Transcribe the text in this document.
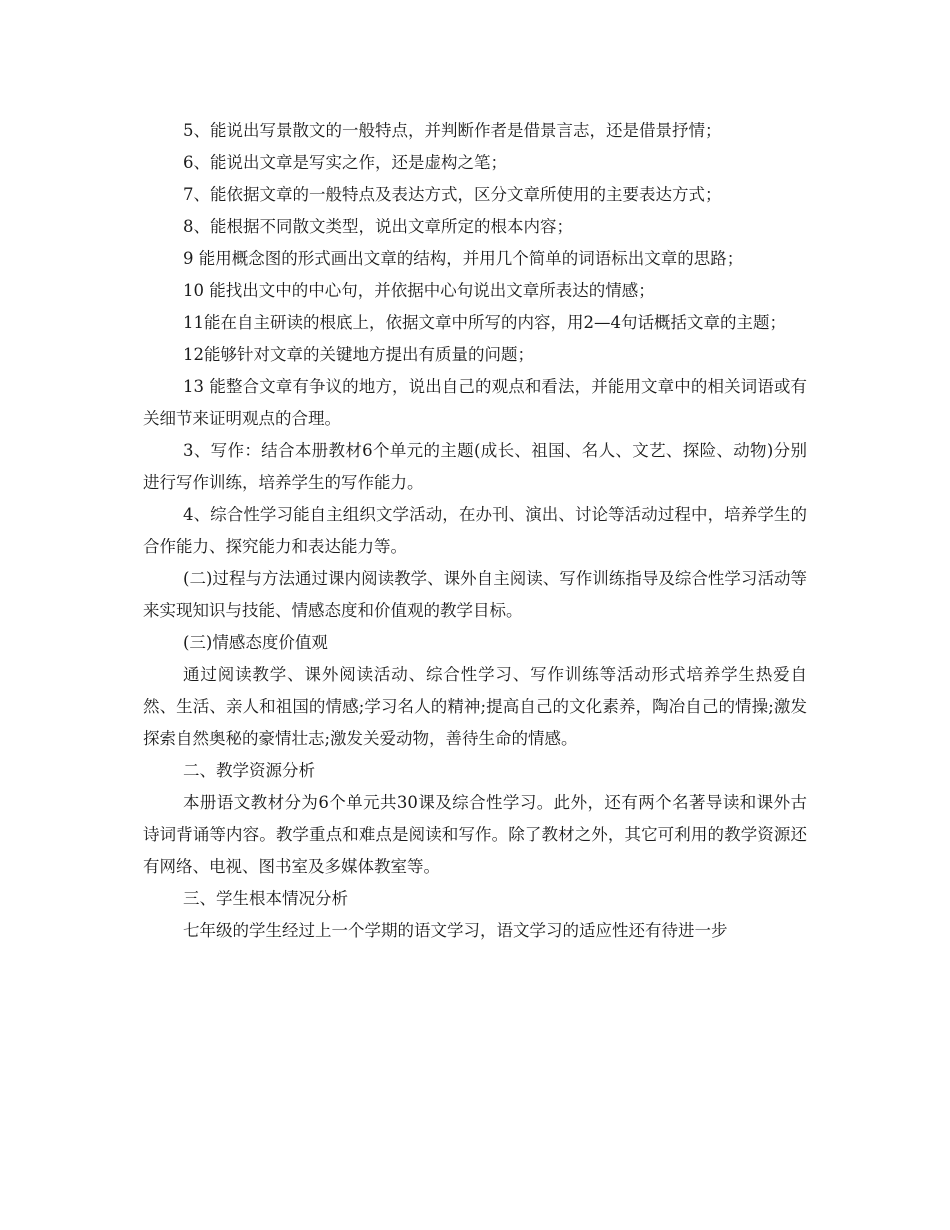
5、能说出写景散文的一般特点，并判断作者是借景言志，还是借景抒情；

6、能说出文章是写实之作，还是虚构之笔；

7、能依据文章的一般特点及表达方式，区分文章所使用的主要表达方式；

8、能根据不同散文类型，说出文章所定的根本内容；

9 能用概念图的形式画出文章的结构，并用几个简单的词语标出文章的思路；

10 能找出文中的中心句，并依据中心句说出文章所表达的情感；

11能在自主研读的根底上，依据文章中所写的内容，用2—4句话概括文章的主题；

12能够针对文章的关键地方提出有质量的问题；

13 能整合文章有争议的地方，说出自己的观点和看法，并能用文章中的相关词语或有关细节来证明观点的合理。

3、写作：结合本册教材6个单元的主题(成长、祖国、名人、文艺、探险、动物)分别进行写作训练，培养学生的写作能力。

4、综合性学习能自主组织文学活动，在办刊、演出、讨论等活动过程中，培养学生的合作能力、探究能力和表达能力等。

(二)过程与方法通过课内阅读教学、课外自主阅读、写作训练指导及综合性学习活动等来实现知识与技能、情感态度和价值观的教学目标。

(三)情感态度价值观

通过阅读教学、课外阅读活动、综合性学习、写作训练等活动形式培养学生热爱自然、生活、亲人和祖国的情感;学习名人的精神;提高自己的文化素养，陶冶自己的情操;激发探索自然奥秘的豪情壮志;激发关爱动物，善待生命的情感。

二、教学资源分析

本册语文教材分为6个单元共30课及综合性学习。此外，还有两个名著导读和课外古诗词背诵等内容。教学重点和难点是阅读和写作。除了教材之外，其它可利用的教学资源还有网络、电视、图书室及多媒体教室等。

三、学生根本情况分析

七年级的学生经过上一个学期的语文学习，语文学习的适应性还有待进一步
